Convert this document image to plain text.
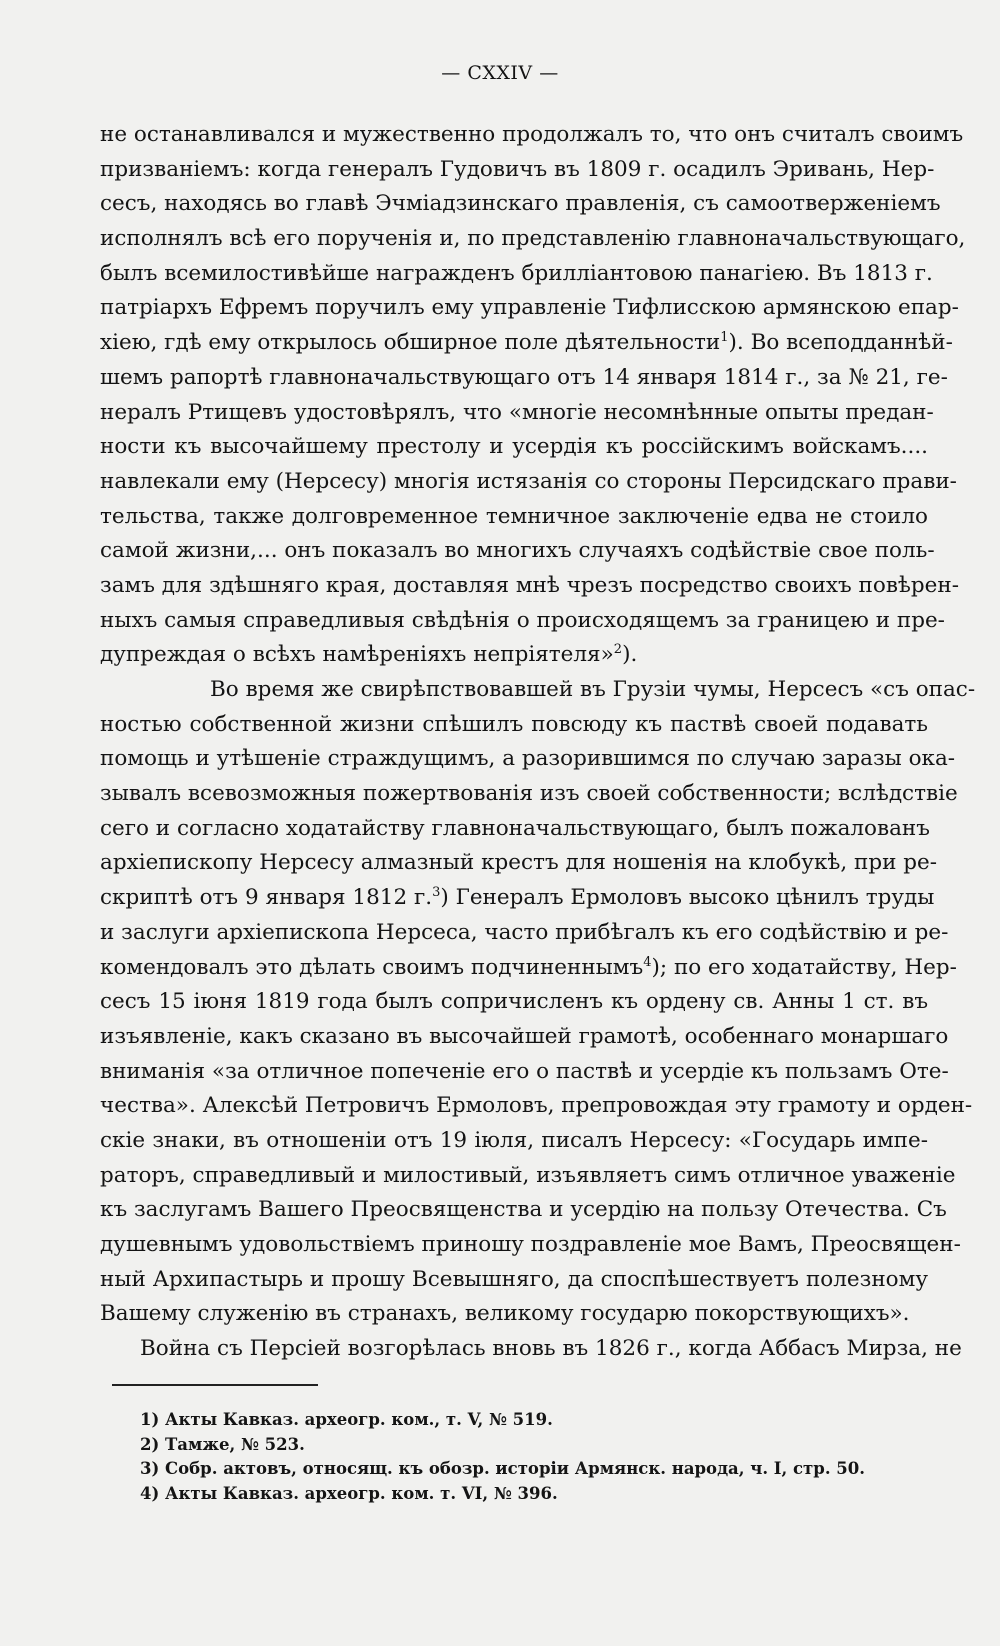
— CXXIV —
не останавливался и мужественно продолжалъ то, что онъ считалъ своимъ
призваніемъ: когда генералъ Гудовичъ въ 1809 г. осадилъ Эривань, Нер-
сесъ, находясь во главѣ Эчміадзинскаго правленія, съ самоотверженіемъ
исполнялъ всѣ его порученія и, по представленію главноначальствующаго,
былъ всемилостивѣйше награжденъ бриллiантовою панагiею. Въ 1813 г.
патріархъ Ефремъ поручилъ ему управленіе Тифлисскою армянскою епар-
хіею, гдѣ ему открылось обширное поле дѣятельности$^1$). Во всеподданнѣй-
шемъ рапортѣ главноначальствующаго отъ 14 января 1814 г., за № 21, ге-
нералъ Ртищевъ удостовѣрялъ, что «многіе несомнѣнные опыты предан-
ности къ высочайшему престолу и усердія къ россійскимъ войскамъ....
навлекали ему (Нерсесу) многія истязанія со стороны Персидскаго прави-
тельства, также долговременное темничное заключеніе едва не стоило
самой жизни,... онъ показалъ во многихъ случаяхъ содѣйствіе свое поль-
замъ для здѣшняго края, доставляя мнѣ чрезъ посредство своихъ повѣрен-
ныхъ самыя справедливыя свѣдѣнія о происходящемъ за границею и пре-
дупреждая о всѣхъ намѣреніяхъ непріятеля»$^2$).
Во время же свирѣпствовавшей въ Грузіи чумы, Нерсесъ «съ опас-
ностью собственной жизни спѣшилъ повсюду къ паствѣ своей подавать
помощь и утѣшеніе страждущимъ, а разорившимся по случаю заразы ока-
зывалъ всевозможныя пожертвованія изъ своей собственности; вслѣдствіе
сего и согласно ходатайству главноначальствующаго, былъ пожалованъ
архіепископу Нерсесу алмазный крестъ для ношенія на клобукѣ, при ре-
скриптѣ отъ 9 января 1812 г.$^3$) Генералъ Ермоловъ высоко цѣнилъ труды
и заслуги архіепископа Нерсеса, часто прибѣгалъ къ его содѣйствію и ре-
комендовалъ это дѣлать своимъ подчиненнымъ$^4$); по его ходатайству, Нер-
сесъ 15 іюня 1819 года былъ сопричисленъ къ ордену св. Анны 1 ст. въ
изъявленіе, какъ сказано въ высочайшей грамотѣ, особеннаго монаршаго
вниманія «за отличное попеченіе его о паствѣ и усердіе къ пользамъ Оте-
чества». Алексѣй Петровичъ Ермоловъ, препровождая эту грамоту и орден-
скіе знаки, въ отношеніи отъ 19 іюля, писалъ Нерсесу: «Государь импе-
раторъ, справедливый и милостивый, изъявляетъ симъ отличное уваженіе
къ заслугамъ Вашего Преосвященства и усердію на пользу Отечества. Съ
душевнымъ удовольствіемъ приношу поздравленіе мое Вамъ, Преосвящен-
ный Архипастырь и прошу Всевышняго, да споспѣшествуетъ полезному
Вашему служенію въ странахъ, великому государю покорствующихъ».
Война съ Персіей возгорѣлась вновь въ 1826 г., когда Аббасъ Мирза, не
1) Акты Кавказ. археогр. ком., т. V, № 519.
2) Тамже, № 523.
3) Собр. актовъ, относящ. къ обозр. исторіи Армянск. народа, ч. I, стр. 50.
4) Акты Кавказ. археогр. ком. т. VI, № 396.
